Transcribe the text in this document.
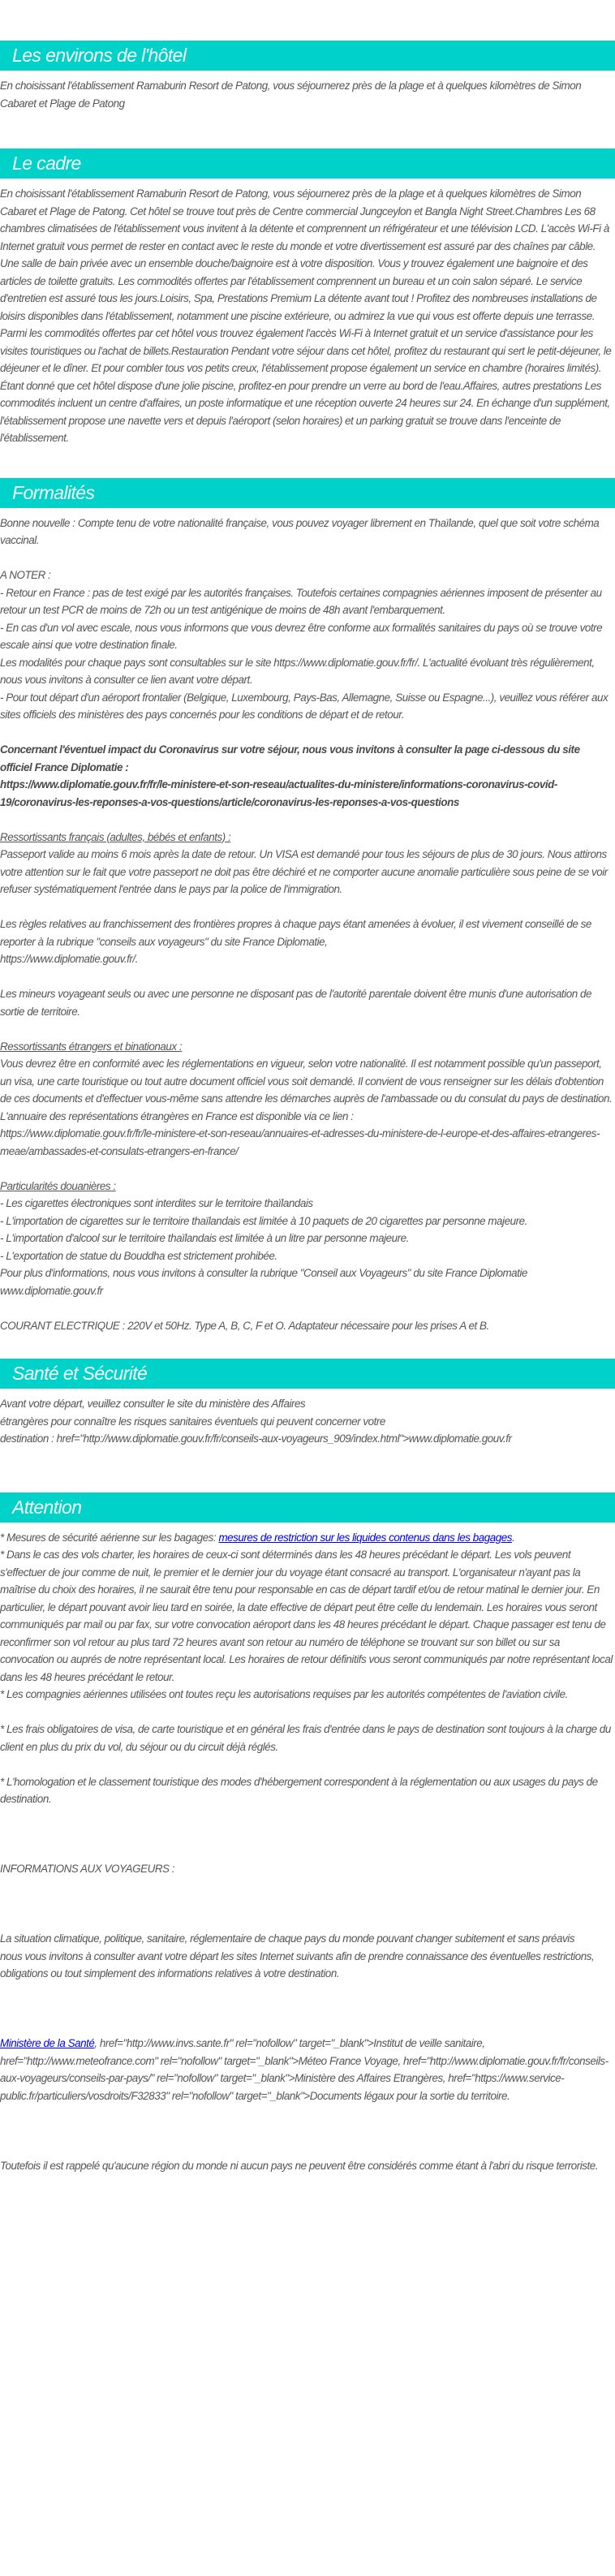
Les environs de l'hôtel

En choisissant l'établissement Ramaburin Resort de Patong, vous séjournerez près de la plage et à quelques kilomètres de Simon Cabaret et Plage de Patong

Le cadre

En choisissant l'établissement Ramaburin Resort de Patong, vous séjournerez près de la plage et à quelques kilomètres de Simon Cabaret et Plage de Patong. Cet hôtel se trouve tout près de Centre commercial Jungceylon et Bangla Night Street.Chambres Les 68 chambres climatisées de l'établissement vous invitent à la détente et comprennent un réfrigérateur et une télévision LCD. L'accès Wi-Fi à Internet gratuit vous permet de rester en contact avec le reste du monde et votre divertissement est assuré par des chaînes par câble. Une salle de bain privée avec un ensemble douche/baignoire est à votre disposition. Vous y trouvez également une baignoire et des articles de toilette gratuits. Les commodités offertes par l'établissement comprennent un bureau et un coin salon séparé. Le service d'entretien est assuré tous les jours.Loisirs, Spa, Prestations Premium La détente avant tout ! Profitez des nombreuses installations de loisirs disponibles dans l'établissement, notamment une piscine extérieure, ou admirez la vue qui vous est offerte depuis une terrasse. Parmi les commodités offertes par cet hôtel vous trouvez également l'accès Wi-Fi à Internet gratuit et un service d'assistance pour les visites touristiques ou l'achat de billets.Restauration Pendant votre séjour dans cet hôtel, profitez du restaurant qui sert le petit-déjeuner, le déjeuner et le dîner. Et pour combler tous vos petits creux, l'établissement propose également un service en chambre (horaires limités). Étant donné que cet hôtel dispose d'une jolie piscine, profitez-en pour prendre un verre au bord de l'eau.Affaires, autres prestations Les commodités incluent un centre d'affaires, un poste informatique et une réception ouverte 24 heures sur 24. En échange d'un supplément, l'établissement propose une navette vers et depuis l'aéroport (selon horaires) et un parking gratuit se trouve dans l'enceinte de l'établissement.

Formalités

Bonne nouvelle : Compte tenu de votre nationalité française, vous pouvez voyager librement en Thaïlande, quel que soit votre schéma vaccinal.

A NOTER :

- Retour en France : pas de test exigé par les autorités françaises. Toutefois certaines compagnies aériennes imposent de présenter au retour un test PCR de moins de 72h ou un test antigénique de moins de 48h avant l'embarquement.

- En cas d'un vol avec escale, nous vous informons que vous devrez être conforme aux formalités sanitaires du pays où se trouve votre escale ainsi que votre destination finale.

Les modalités pour chaque pays sont consultables sur le site https://www.diplomatie.gouv.fr/fr/. L'actualité évoluant très régulièrement, nous vous invitons à consulter ce lien avant votre départ.

- Pour tout départ d'un aéroport frontalier (Belgique, Luxembourg, Pays-Bas, Allemagne, Suisse ou Espagne...), veuillez vous référer aux sites officiels des ministères des pays concernés pour les conditions de départ et de retour.

Concernant l'éventuel impact du Coronavirus sur votre séjour, nous vous invitons à consulter la page ci-dessous du site officiel France Diplomatie :

https://www.diplomatie.gouv.fr/fr/le-ministere-et-son-reseau/actualites-du-ministere/informations-coronavirus-covid-19/coronavirus-les-reponses-a-vos-questions/article/coronavirus-les-reponses-a-vos-questions

Ressortissants français (adultes, bébés et enfants) :

Passeport valide au moins 6 mois après la date de retour. Un VISA est demandé pour tous les séjours de plus de 30 jours. Nous attirons votre attention sur le fait que votre passeport ne doit pas être déchiré et ne comporter aucune anomalie particulière sous peine de se voir refuser systématiquement l'entrée dans le pays par la police de l'immigration.

Les règles relatives au franchissement des frontières propres à chaque pays étant amenées à évoluer, il est vivement conseillé de se reporter à la rubrique "conseils aux voyageurs" du site France Diplomatie,

https://www.diplomatie.gouv.fr/.

Les mineurs voyageant seuls ou avec une personne ne disposant pas de l'autorité parentale doivent être munis d'une autorisation de sortie de territoire.

Ressortissants étrangers et binationaux :

Vous devrez être en conformité avec les réglementations en vigueur, selon votre nationalité. Il est notamment possible qu'un passeport, un visa, une carte touristique ou tout autre document officiel vous soit demandé. Il convient de vous renseigner sur les délais d'obtention de ces documents et d'effectuer vous-même sans attendre les démarches auprès de l'ambassade ou du consulat du pays de destination.

L'annuaire des représentations étrangères en France est disponible via ce lien :

https://www.diplomatie.gouv.fr/fr/le-ministere-et-son-reseau/annuaires-et-adresses-du-ministere-de-l-europe-et-des-affaires-etrangeres-meae/ambassades-et-consulats-etrangers-en-france/

Particularités douanières :

- Les cigarettes électroniques sont interdites sur le territoire thaïlandais

- L'importation de cigarettes sur le territoire thaïlandais est limitée à 10 paquets de 20 cigarettes par personne majeure.

- L'importation d'alcool sur le territoire thaïlandais est limitée à un litre par personne majeure.

- L'exportation de statue du Bouddha est strictement prohibée.

Pour plus d'informations, nous vous invitons à consulter la rubrique "Conseil aux Voyageurs" du site France Diplomatie

www.diplomatie.gouv.fr

COURANT ELECTRIQUE : 220V et 50Hz. Type A, B, C, F et O. Adaptateur nécessaire pour les prises A et B.

Santé et Sécurité

Avant votre départ, veuillez consulter le site du ministère des Affaires

étrangères pour connaître les risques sanitaires éventuels qui peuvent concerner votre

destination : href="http://www.diplomatie.gouv.fr/fr/conseils-aux-voyageurs_909/index.html">www.diplomatie.gouv.fr

Attention

* Mesures de sécurité aérienne sur les bagages: mesures de restriction sur les liquides contenus dans les bagages.

* Dans le cas des vols charter, les horaires de ceux-ci sont déterminés dans les 48 heures précédant le départ. Les vols peuvent s'effectuer de jour comme de nuit, le premier et le dernier jour du voyage étant consacré au transport. L'organisateur n'ayant pas la maîtrise du choix des horaires, il ne saurait être tenu pour responsable en cas de départ tardif et/ou de retour matinal le dernier jour. En particulier, le départ pouvant avoir lieu tard en soirée, la date effective de départ peut être celle du lendemain. Les horaires vous seront communiqués par mail ou par fax, sur votre convocation aéroport dans les 48 heures précédant le départ. Chaque passager est tenu de reconfirmer son vol retour au plus tard 72 heures avant son retour au numéro de téléphone se trouvant sur son billet ou sur sa convocation ou auprés de notre représentant local. Les horaires de retour définitifs vous seront communiqués par notre représentant local dans les 48 heures précédant le retour.

* Les compagnies aériennes utilisées ont toutes reçu les autorisations requises par les autorités compétentes de l'aviation civile.

* Les frais obligatoires de visa, de carte touristique et en général les frais d'entrée dans le pays de destination sont toujours à la charge du client en plus du prix du vol, du séjour ou du circuit déjà réglés.

* L'homologation et le classement touristique des modes d'hébergement correspondent à la réglementation ou aux usages du pays de destination.

INFORMATIONS AUX VOYAGEURS :

La situation climatique, politique, sanitaire, réglementaire de chaque pays du monde pouvant changer subitement et sans préavis

nous vous invitons à consulter avant votre départ les sites Internet suivants afin de prendre connaissance des éventuelles restrictions, obligations ou tout simplement des informations relatives à votre destination.

Ministère de la Santé, href="http://www.invs.sante.fr" rel="nofollow" target="_blank">Institut de veille sanitaire, href="http://www.meteofrance.com" rel="nofollow" target="_blank">Méteo France Voyage, href="http://www.diplomatie.gouv.fr/fr/conseils-aux-voyageurs/conseils-par-pays/" rel="nofollow" target="_blank">Ministère des Affaires Etrangères, href="https://www.service-public.fr/particuliers/vosdroits/F32833" rel="nofollow" target="_blank">Documents légaux pour la sortie du territoire.

Toutefois il est rappelé qu'aucune région du monde ni aucun pays ne peuvent être considérés comme étant à l'abri du risque terroriste.
